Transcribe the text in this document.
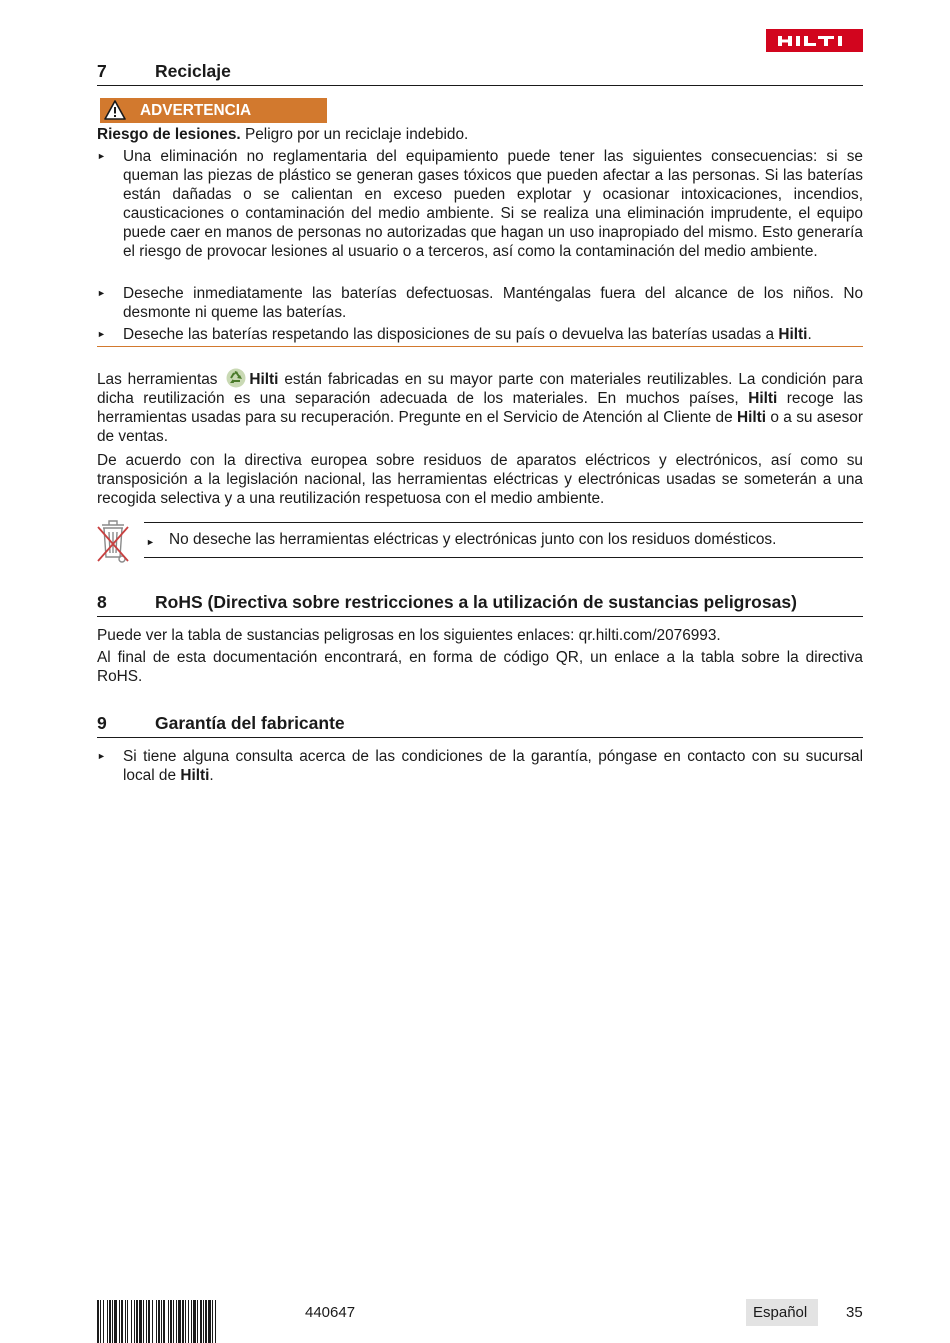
7	Reciclaje
ADVERTENCIA
Riesgo de lesiones. Peligro por un reciclaje indebido.
► Una eliminación no reglamentaria del equipamiento puede tener las siguientes consecuencias: si se queman las piezas de plástico se generan gases tóxicos que pueden afectar a las personas. Si las baterías están dañadas o se calientan en exceso pueden explotar y ocasionar intoxicaciones, incendios, causticaciones o contaminación del medio ambiente. Si se realiza una eliminación imprudente, el equipo puede caer en manos de personas no autorizadas que hagan un uso inapropiado del mismo. Esto generaría el riesgo de provocar lesiones al usuario o a terceros, así como la contaminación del medio ambiente.
► Deseche inmediatamente las baterías defectuosas. Manténgalas fuera del alcance de los niños. No desmonte ni queme las baterías.
► Deseche las baterías respetando las disposiciones de su país o devuelva las baterías usadas a Hilti.
Las herramientas Hilti están fabricadas en su mayor parte con materiales reutilizables. La condición para dicha reutilización es una separación adecuada de los materiales. En muchos países, Hilti recoge las herramientas usadas para su recuperación. Pregunte en el Servicio de Atención al Cliente de Hilti o a su asesor de ventas.
De acuerdo con la directiva europea sobre residuos de aparatos eléctricos y electrónicos, así como su transposición a la legislación nacional, las herramientas eléctricas y electrónicas usadas se someterán a una recogida selectiva y a una reutilización respetuosa con el medio ambiente.
► No deseche las herramientas eléctricas y electrónicas junto con los residuos domésticos.
8	RoHS (Directiva sobre restricciones a la utilización de sustancias peligrosas)
Puede ver la tabla de sustancias peligrosas en los siguientes enlaces: qr.hilti.com/2076993.
Al final de esta documentación encontrará, en forma de código QR, un enlace a la tabla sobre la directiva RoHS.
9	Garantía del fabricante
► Si tiene alguna consulta acerca de las condiciones de la garantía, póngase en contacto con su sucursal local de Hilti.
440647	Español	35
